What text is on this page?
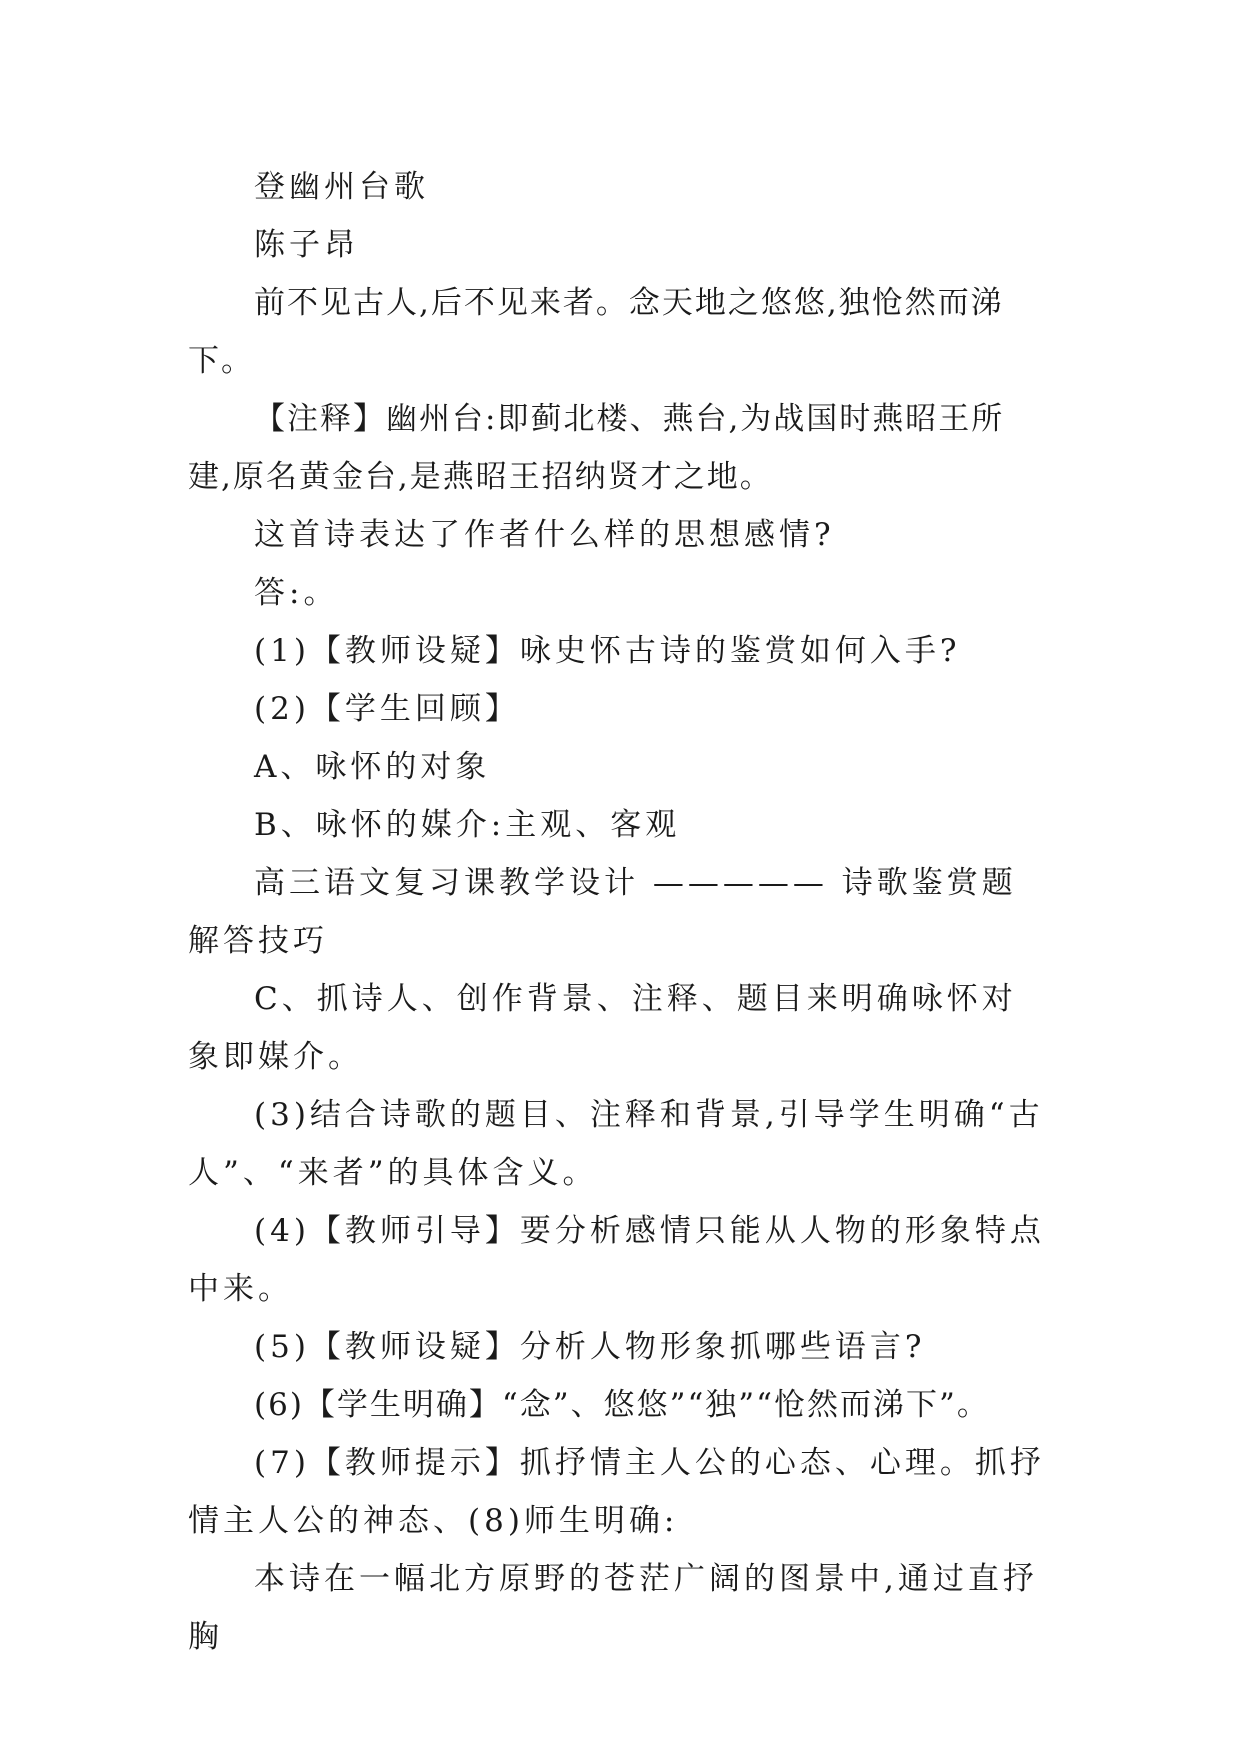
登幽州台歌

陈子昂

前不见古人,后不见来者。念天地之悠悠,独怆然而涕下。

【注释】幽州台:即蓟北楼、燕台,为战国时燕昭王所建,原名黄金台,是燕昭王招纳贤才之地。

这首诗表达了作者什么样的思想感情?

答:。

(1)【教师设疑】咏史怀古诗的鉴赏如何入手?

(2)【学生回顾】

A、咏怀的对象

B、咏怀的媒介:主观、客观

高三语文复习课教学设计 ————— 诗歌鉴赏题解答技巧

C、抓诗人、创作背景、注释、题目来明确咏怀对象即媒介。

(3)结合诗歌的题目、注释和背景,引导学生明确“古人”、“来者”的具体含义。

(4)【教师引导】要分析感情只能从人物的形象特点中来。

(5)【教师设疑】分析人物形象抓哪些语言?

(6)【学生明确】“念”、悠悠”“独”“怆然而涕下”。

(7)【教师提示】抓抒情主人公的心态、心理。抓抒情主人公的神态、(8)师生明确:

本诗在一幅北方原野的苍茫广阔的图景中,通过直抒胸
